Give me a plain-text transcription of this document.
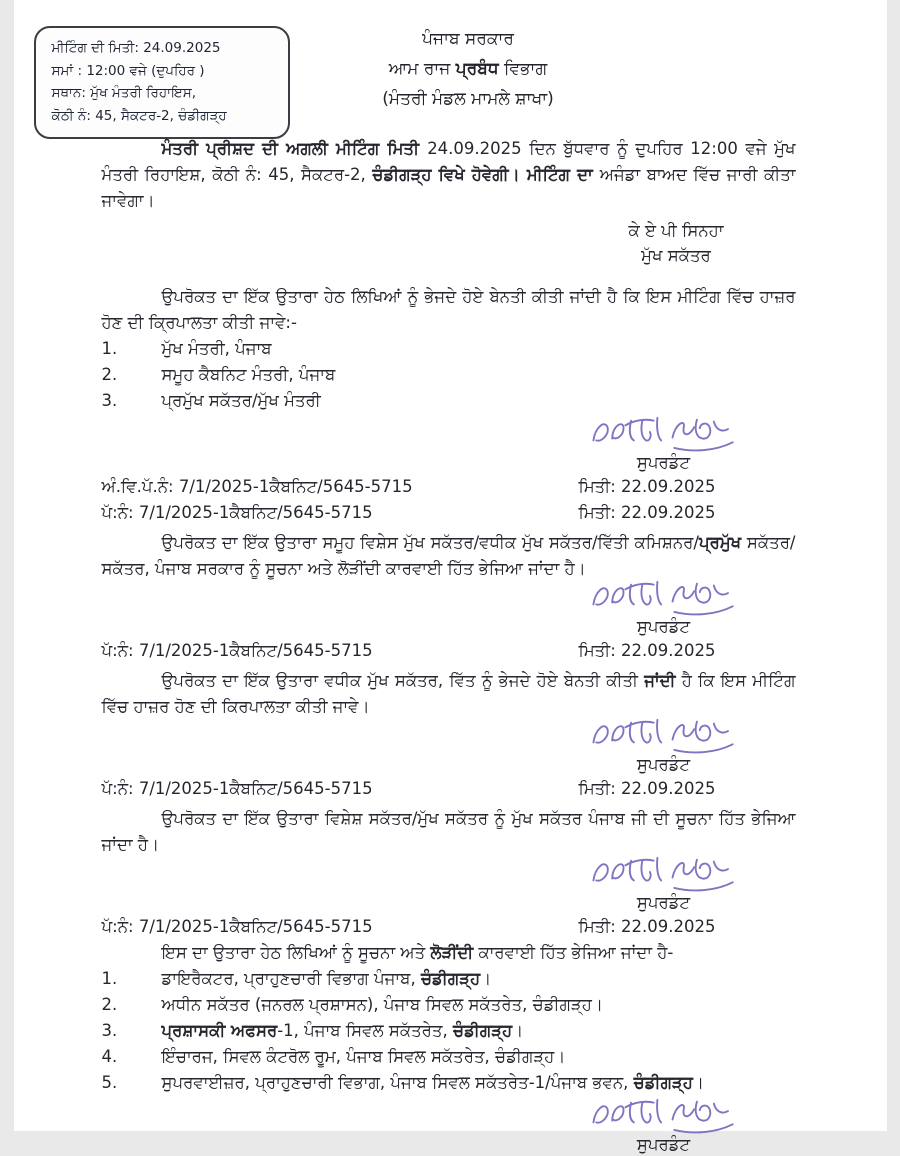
ਮੀਟਿੰਗ ਦੀ ਮਿਤੀ: 24.09.2025
ਸਮਾਂ : 12:00 ਵਜੇ (ਦੁਪਹਿਰ )
ਸਥਾਨ: ਮੁੱਖ ਮੰਤਰੀ ਰਿਹਾਇਸ,
ਕੋਠੀ ਨੰ: 45, ਸੈਕਟਰ-2, ਚੰਡੀਗੜ੍ਹ
ਪੰਜਾਬ ਸਰਕਾਰ
ਆਮ ਰਾਜ ਪ੍ਰਬੰਧ ਵਿਭਾਗ
(ਮੰਤਰੀ ਮੰਡਲ ਮਾਮਲੇ ਸ਼ਾਖਾ)

ਮੰਤਰੀ ਪ੍ਰੀਸ਼ਦ ਦੀ ਅਗਲੀ ਮੀਟਿੰਗ ਮਿਤੀ 24.09.2025 ਦਿਨ ਬੁੱਧਵਾਰ ਨੂੰ ਦੁਪਹਿਰ 12:00 ਵਜੇ ਮੁੱਖ ਮੰਤਰੀ ਰਿਹਾਇਸ਼, ਕੋਠੀ ਨੰ: 45, ਸੈਕਟਰ-2, ਚੰਡੀਗੜ੍ਹ ਵਿਖੇ ਹੋਵੇਗੀ। ਮੀਟਿੰਗ ਦਾ ਅਜੰਡਾ ਬਾਅਦ ਵਿੱਚ ਜਾਰੀ ਕੀਤਾ ਜਾਵੇਗਾ।

ਕੇ ਏ ਪੀ ਸਿਨਹਾ
ਮੁੱਖ ਸਕੱਤਰ

ਉਪਰੋਕਤ ਦਾ ਇੱਕ ਉਤਾਰਾ ਹੇਠ ਲਿਖਿਆਂ ਨੂੰ ਭੇਜਦੇ ਹੋਏ ਬੇਨਤੀ ਕੀਤੀ ਜਾਂਦੀ ਹੈ ਕਿ ਇਸ ਮੀਟਿੰਗ ਵਿੱਚ ਹਾਜ਼ਰ ਹੋਣ ਦੀ ਕ੍ਰਿਪਾਲਤਾ ਕੀਤੀ ਜਾਵੇ:-

1.	ਮੁੱਖ ਮੰਤਰੀ, ਪੰਜਾਬ
2.	ਸਮੂਹ ਕੈਬਨਿਟ ਮੰਤਰੀ, ਪੰਜਾਬ
3.	ਪ੍ਰਮੁੱਖ ਸਕੱਤਰ/ਮੁੱਖ ਮੰਤਰੀ
ਸੁਪਰਡੰਟ
ਅੰ.ਵਿ.ਪੱ.ਨੰ: 7/1/2025-1ਕੈਬਨਿਟ/5645-5715	ਮਿਤੀ: 22.09.2025
ਪੱ:ਨੰ: 7/1/2025-1ਕੈਬਨਿਟ/5645-5715	ਮਿਤੀ: 22.09.2025

ਉਪਰੋਕਤ ਦਾ ਇੱਕ ਉਤਾਰਾ ਸਮੂਹ ਵਿਸ਼ੇਸ ਮੁੱਖ ਸਕੱਤਰ/ਵਧੀਕ ਮੁੱਖ ਸਕੱਤਰ/ਵਿੱਤੀ ਕਮਿਸ਼ਨਰ/ਪ੍ਰਮੁੱਖ ਸਕੱਤਰ/ਸਕੱਤਰ, ਪੰਜਾਬ ਸਰਕਾਰ ਨੂੰ ਸੂਚਨਾ ਅਤੇ ਲੋੜੀਂਦੀ ਕਾਰਵਾਈ ਹਿੱਤ ਭੇਜਿਆ ਜਾਂਦਾ ਹੈ।

ਸੁਪਰਡੰਟ
ਪੱ:ਨੰ: 7/1/2025-1ਕੈਬਨਿਟ/5645-5715	ਮਿਤੀ: 22.09.2025

ਉਪਰੋਕਤ ਦਾ ਇੱਕ ਉਤਾਰਾ ਵਧੀਕ ਮੁੱਖ ਸਕੱਤਰ, ਵਿੱਤ ਨੂੰ ਭੇਜਦੇ ਹੋਏ ਬੇਨਤੀ ਕੀਤੀ ਜਾਂਦੀ ਹੈ ਕਿ ਇਸ ਮੀਟਿੰਗ ਵਿੱਚ ਹਾਜ਼ਰ ਹੋਣ ਦੀ ਕਿਰਪਾਲਤਾ ਕੀਤੀ ਜਾਵੇ।

ਸੁਪਰਡੰਟ
ਪੱ:ਨੰ: 7/1/2025-1ਕੈਬਨਿਟ/5645-5715	ਮਿਤੀ: 22.09.2025

ਉਪਰੋਕਤ ਦਾ ਇੱਕ ਉਤਾਰਾ ਵਿਸ਼ੇਸ਼ ਸਕੱਤਰ/ਮੁੱਖ ਸਕੱਤਰ ਨੂੰ ਮੁੱਖ ਸਕੱਤਰ ਪੰਜਾਬ ਜੀ ਦੀ ਸੂਚਨਾ ਹਿੱਤ ਭੇਜਿਆ ਜਾਂਦਾ ਹੈ।

ਸੁਪਰਡੰਟ
ਪੱ:ਨੰ: 7/1/2025-1ਕੈਬਨਿਟ/5645-5715	ਮਿਤੀ: 22.09.2025

ਇਸ ਦਾ ਉਤਾਰਾ ਹੇਠ ਲਿਖਿਆਂ ਨੂੰ ਸੂਚਨਾ ਅਤੇ ਲੋੜੀਂਦੀ ਕਾਰਵਾਈ ਹਿੱਤ ਭੇਜਿਆ ਜਾਂਦਾ ਹੈ-

1.	ਡਾਇਰੈਕਟਰ, ਪ੍ਰਾਹੁਣਚਾਰੀ ਵਿਭਾਗ ਪੰਜਾਬ, ਚੰਡੀਗੜ੍ਹ।
2.	ਅਧੀਨ ਸਕੱਤਰ (ਜਨਰਲ ਪ੍ਰਸ਼ਾਸਨ), ਪੰਜਾਬ ਸਿਵਲ ਸਕੱਤਰੇਤ, ਚੰਡੀਗੜ੍ਹ।
3.	ਪ੍ਰਸ਼ਾਸਕੀ ਅਫਸਰ-1, ਪੰਜਾਬ ਸਿਵਲ ਸਕੱਤਰੇਤ, ਚੰਡੀਗੜ੍ਹ।
4.	ਇੰਚਾਰਜ, ਸਿਵਲ ਕੰਟਰੋਲ ਰੂਮ, ਪੰਜਾਬ ਸਿਵਲ ਸਕੱਤਰੇਤ, ਚੰਡੀਗੜ੍ਹ।
5.	ਸੁਪਰਵਾਈਜ਼ਰ, ਪ੍ਰਾਹੁਣਚਾਰੀ ਵਿਭਾਗ, ਪੰਜਾਬ ਸਿਵਲ ਸਕੱਤਰੇਤ-1/ਪੰਜਾਬ ਭਵਨ, ਚੰਡੀਗੜ੍ਹ।
ਸੁਪਰਡੰਟ
